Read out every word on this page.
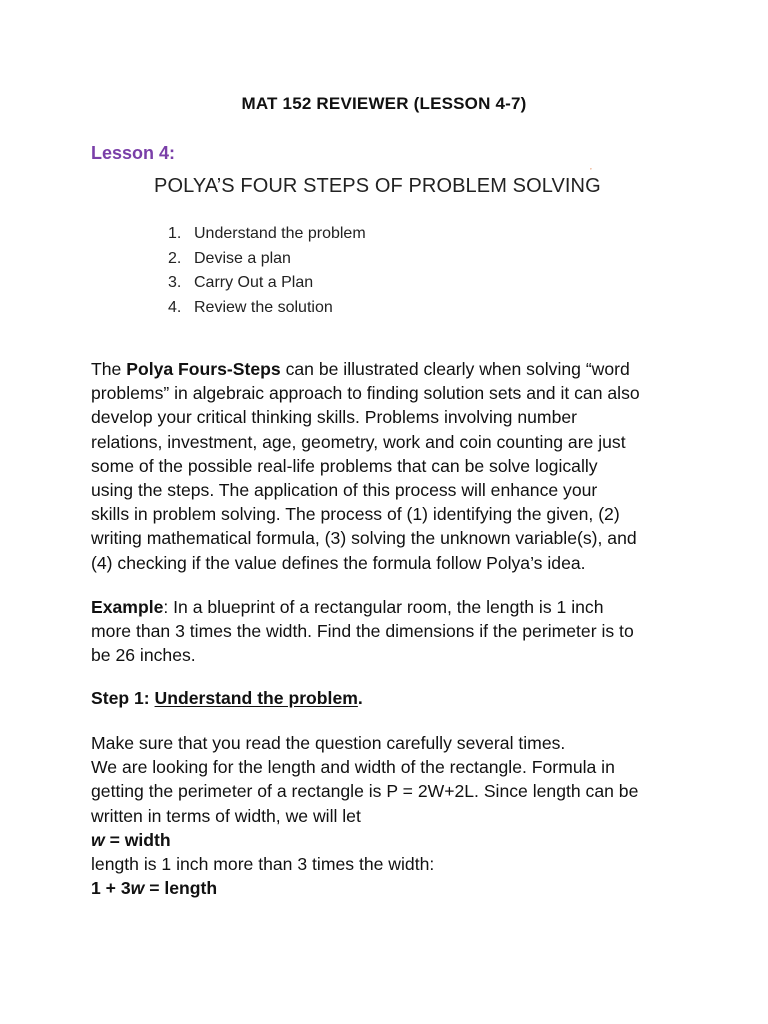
MAT 152 REVIEWER (LESSON 4-7)
Lesson 4:
POLYA’S FOUR STEPS OF PROBLEM SOLVING
’
1. Understand the problem
2. Devise a plan
3. Carry Out a Plan
4. Review the solution
The Polya Fours-Steps can be illustrated clearly when solving “word
problems” in algebraic approach to finding solution sets and it can also
develop your critical thinking skills. Problems involving number
relations, investment, age, geometry, work and coin counting are just
some of the possible real-life problems that can be solve logically
using the steps. The application of this process will enhance your
skills in problem solving. The process of (1) identifying the given, (2)
writing mathematical formula, (3) solving the unknown variable(s), and
(4) checking if the value defines the formula follow Polya’s idea.
Example: In a blueprint of a rectangular room, the length is 1 inch
more than 3 times the width. Find the dimensions if the perimeter is to
be 26 inches.
Step 1: Understand the problem.
Make sure that you read the question carefully several times.
We are looking for the length and width of the rectangle. Formula in
getting the perimeter of a rectangle is P = 2W+2L. Since length can be
written in terms of width, we will let
w = width
length is 1 inch more than 3 times the width:
1 + 3w = length
